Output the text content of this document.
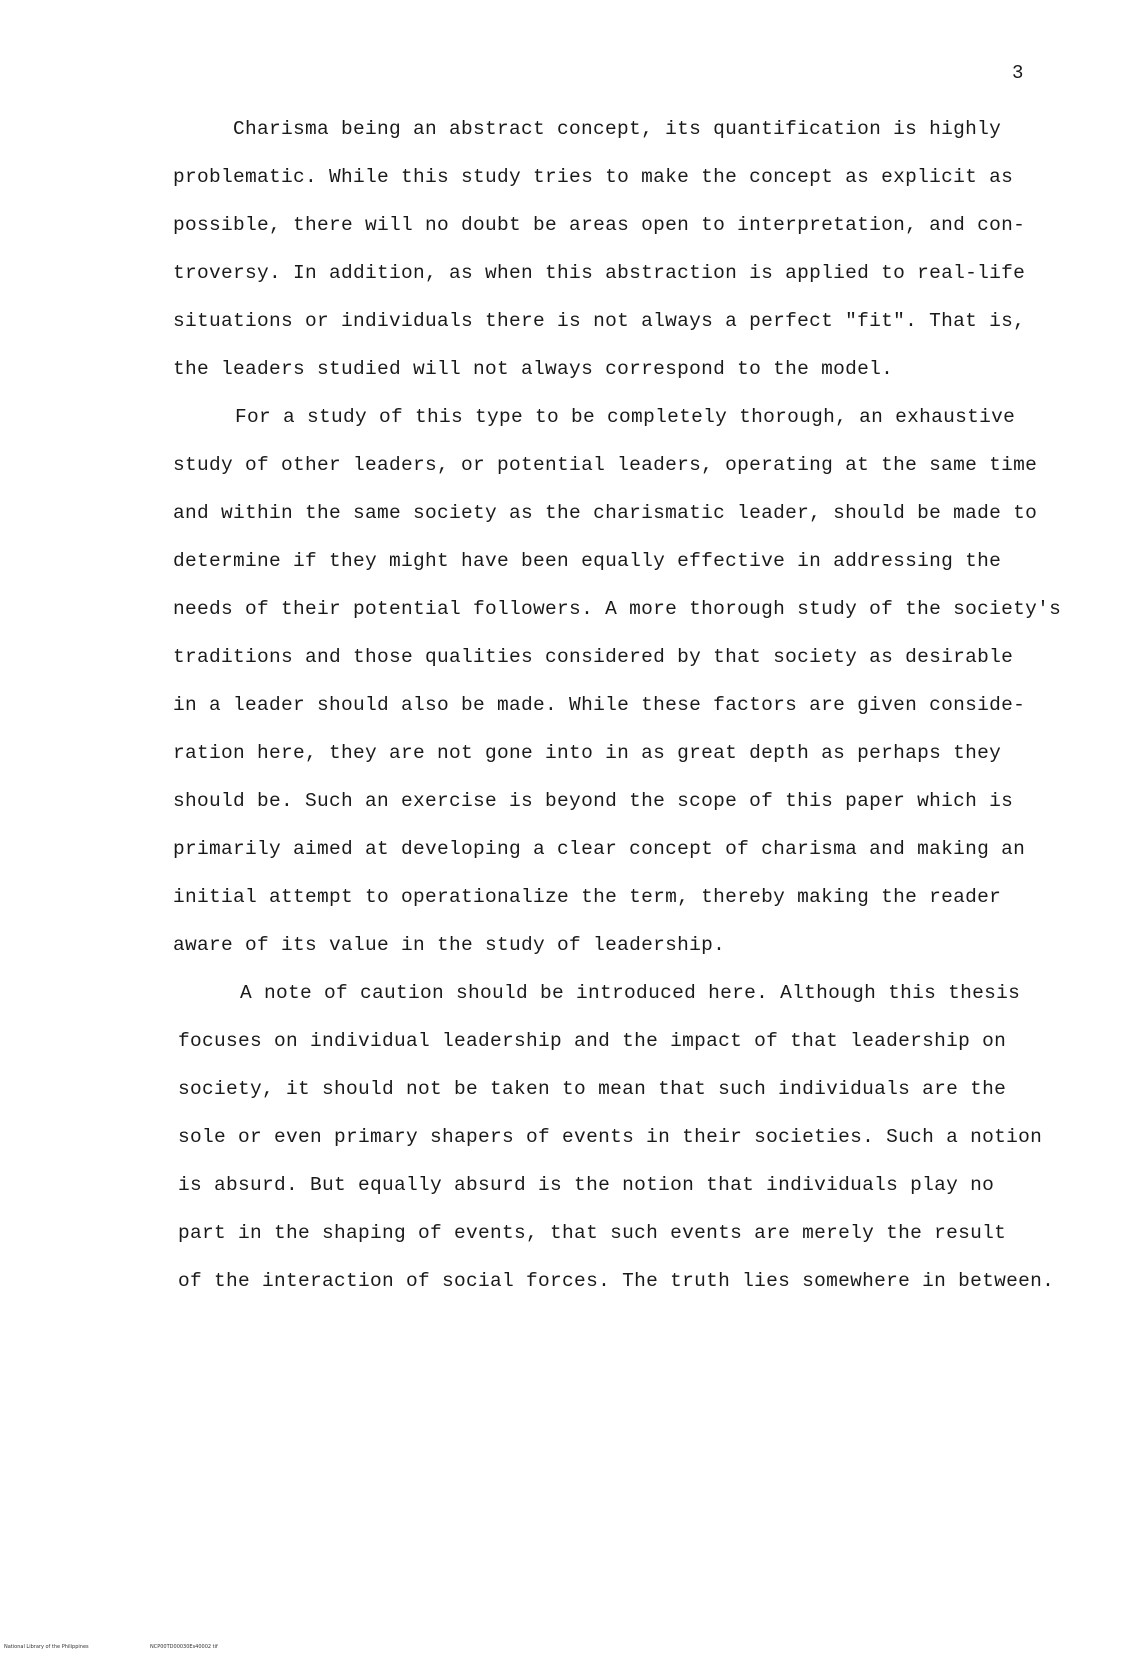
3
Charisma being an abstract concept, its quantification is highly
problematic. While this study tries to make the concept as explicit as
possible, there will no doubt be areas open to interpretation, and con-
troversy. In addition, as when this abstraction is applied to real-life
situations or individuals there is not always a perfect "fit". That is,
the leaders studied will not always correspond to the model.
For a study of this type to be completely thorough, an exhaustive
study of other leaders, or potential leaders, operating at the same time
and within the same society as the charismatic leader, should be made to
determine if they might have been equally effective in addressing the
needs of their potential followers. A more thorough study of the society's
traditions and those qualities considered by that society as desirable
in a leader should also be made. While these factors are given conside-
ration here, they are not gone into in as great depth as perhaps they
should be. Such an exercise is beyond the scope of this paper which is
primarily aimed at developing a clear concept of charisma and making an
initial attempt to operationalize the term, thereby making the reader
aware of its value in the study of leadership.
A note of caution should be introduced here. Although this thesis
focuses on individual leadership and the impact of that leadership on
society, it should not be taken to mean that such individuals are the
sole or even primary shapers of events in their societies. Such a notion
is absurd. But equally absurd is the notion that individuals play no
part in the shaping of events, that such events are merely the result
of the interaction of social forces. The truth lies somewhere in between.
National Library of the Philippines	NCP00TD00030Es40002 tif
